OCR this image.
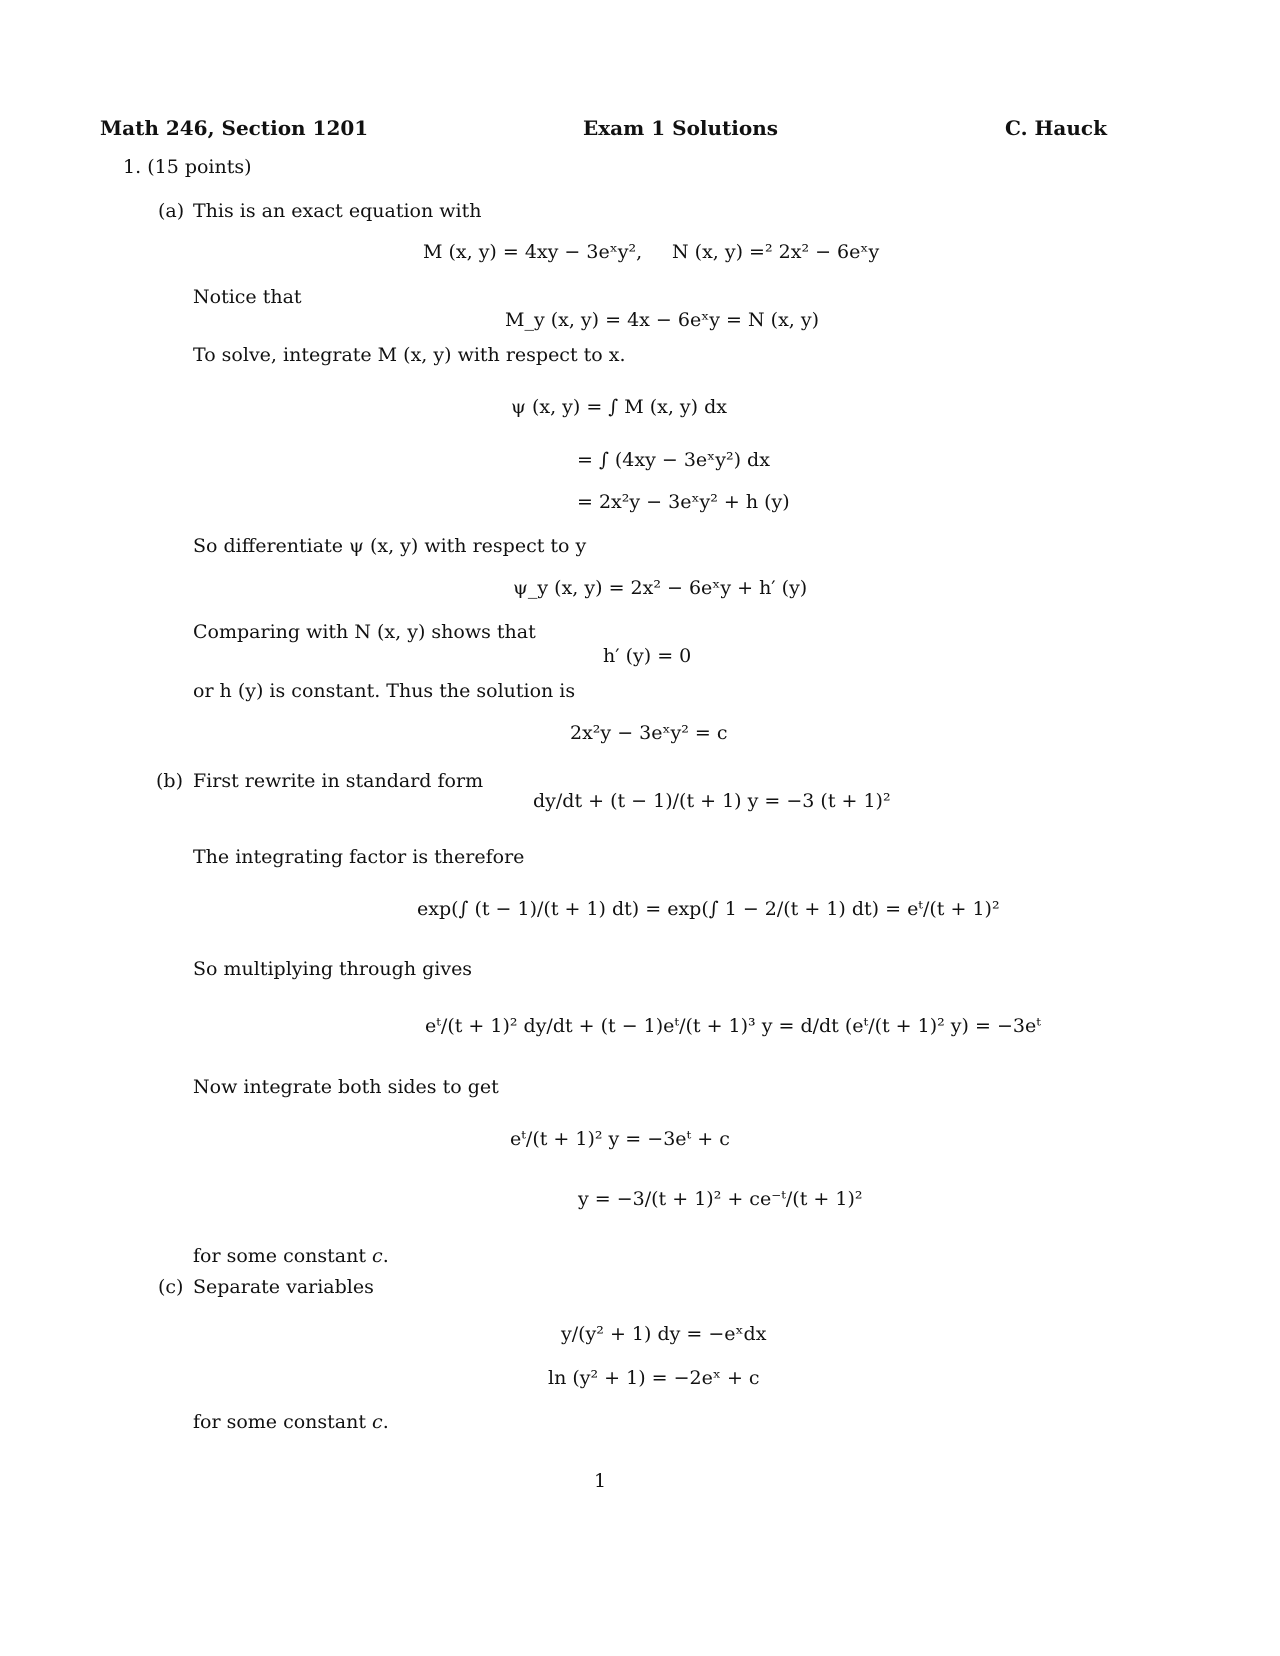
Math 246, Section 1201	Exam 1 Solutions	C. Hauck
1. (15 points)
(a) This is an exact equation with
M (x, y) = 4xy − 3eˣy², N (x, y) =² 2x² − 6eˣy
Notice that
M_y (x, y) = 4x − 6eˣy = N (x, y)
To solve, integrate M (x, y) with respect to x.
ψ (x, y) = ∫ M (x, y) dx
= ∫ (4xy − 3eˣy²) dx
= 2x²y − 3eˣy² + h (y)
So differentiate ψ (x, y) with respect to y
ψ_y (x, y) = 2x² − 6eˣy + h′ (y)
Comparing with N (x, y) shows that
h′ (y) = 0
or h (y) is constant. Thus the solution is
2x²y − 3eˣy² = c
(b) First rewrite in standard form
dy/dt + (t − 1)/(t + 1) y = −3 (t + 1)²
The integrating factor is therefore
exp(∫ (t − 1)/(t + 1) dt) = exp(∫ 1 − 2/(t + 1) dt) = eᵗ/(t + 1)²
So multiplying through gives
eᵗ/(t + 1)² dy/dt + (t − 1)eᵗ/(t + 1)³ y = d/dt (eᵗ/(t + 1)² y) = −3eᵗ
Now integrate both sides to get
eᵗ/(t + 1)² y = −3eᵗ + c
y = −3/(t + 1)² + ce⁻ᵗ/(t + 1)²
for some constant c.
(c) Separate variables
y/(y² + 1) dy = −eˣdx
ln (y² + 1) = −2eˣ + c
for some constant c.
1
